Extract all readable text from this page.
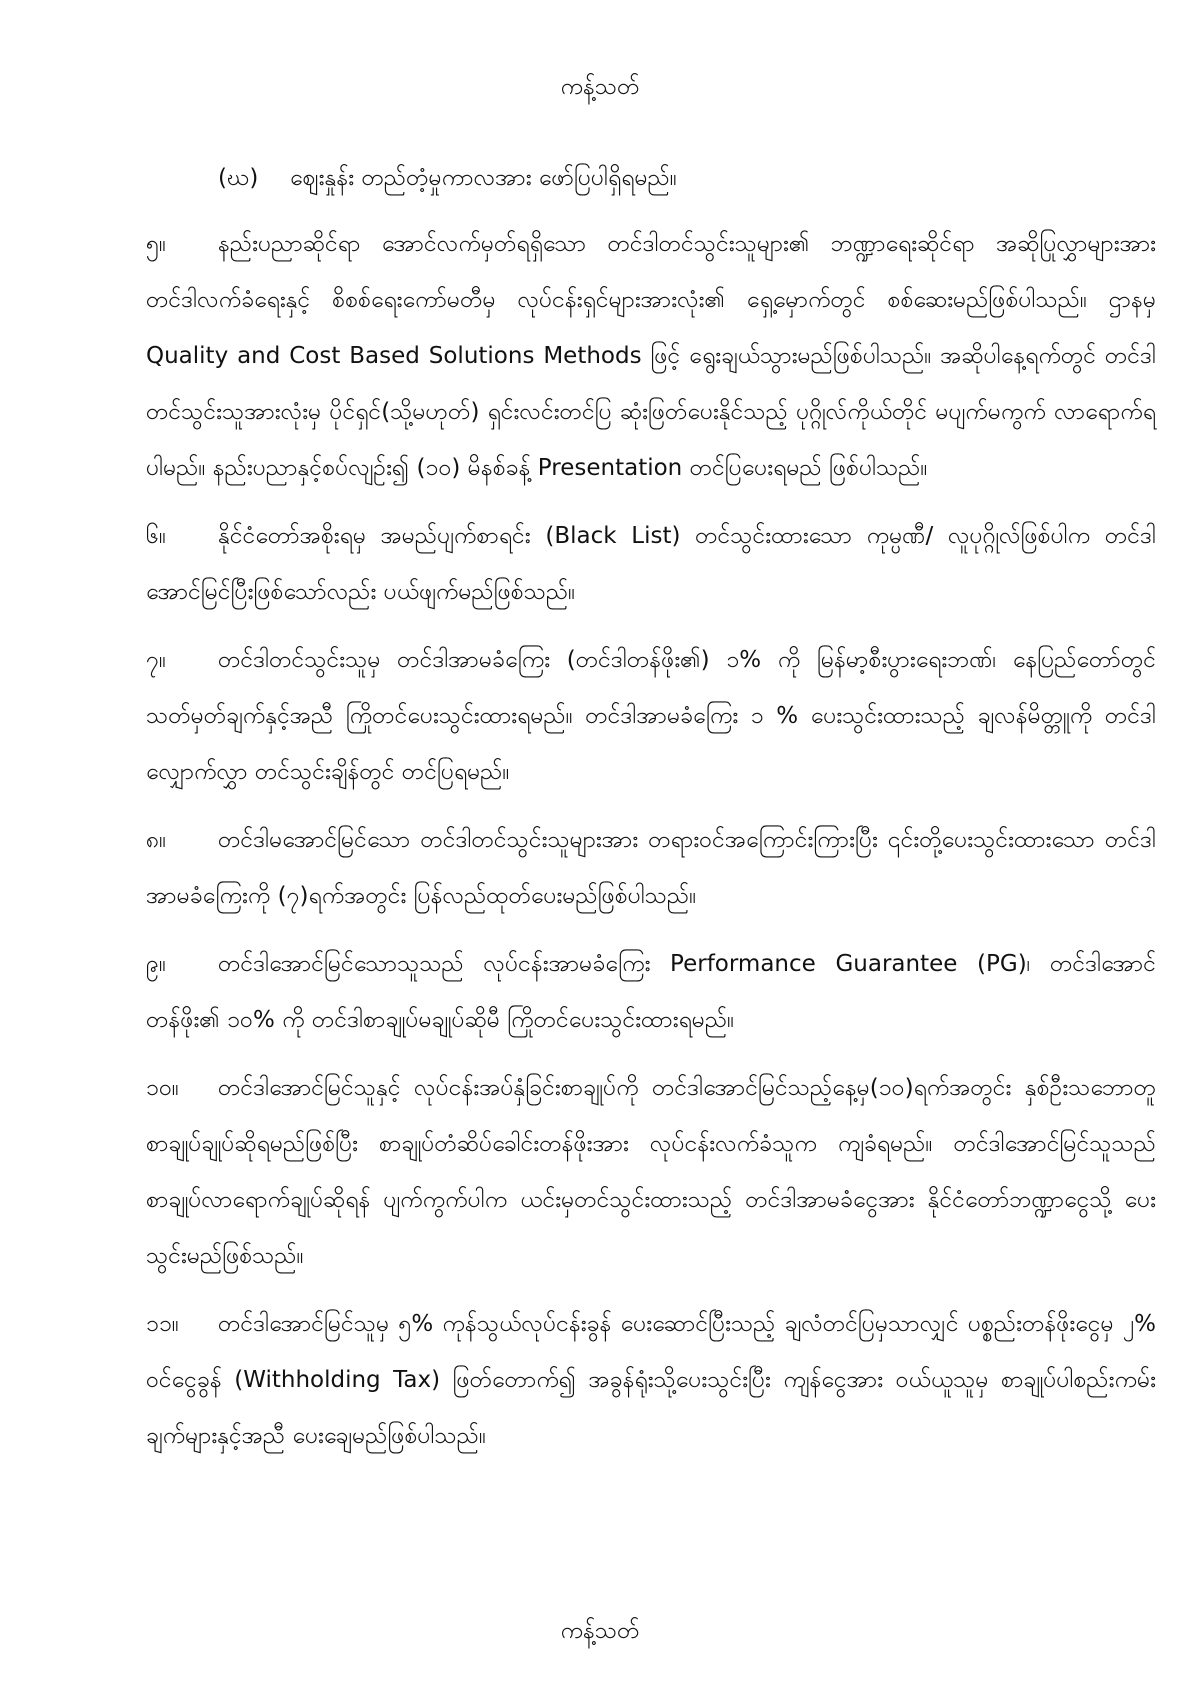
ကန့်သတ်

(ဃ) ဈေးနှုန်း တည်တံ့မှုကာလအား ဖော်ပြပါရှိရမည်။

၅။ နည်းပညာဆိုင်ရာ အောင်လက်မှတ်ရရှိသော တင်ဒါတင်သွင်းသူများ၏ ဘဏ္ဍာရေးဆိုင်ရာ အဆိုပြုလွှာများအား တင်ဒါလက်ခံရေးနှင့် စိစစ်ရေးကော်မတီမှ လုပ်ငန်းရှင်များအားလုံး၏ ရှေ့မှောက်တွင် စစ်ဆေးမည်ဖြစ်ပါသည်။ ဌာနမှ Quality and Cost Based Solutions Methods ဖြင့် ရွေးချယ်သွားမည်ဖြစ်ပါသည်။ အဆိုပါနေ့ရက်တွင် တင်ဒါတင်သွင်းသူအားလုံးမှ ပိုင်ရှင်(သို့မဟုတ်) ရှင်းလင်းတင်ပြ ဆုံးဖြတ်ပေးနိုင်သည့် ပုဂ္ဂိုလ်ကိုယ်တိုင် မပျက်မကွက် လာရောက်ရပါမည်။ နည်းပညာနှင့်စပ်လျဉ်း၍ (၁၀) မိနစ်ခန့် Presentation တင်ပြပေးရမည် ဖြစ်ပါသည်။

၆။ နိုင်ငံတော်အစိုးရမှ အမည်ပျက်စာရင်း (Black List) တင်သွင်းထားသော ကုမ္ပဏီ/ လူပုဂ္ဂိုလ်ဖြစ်ပါက တင်ဒါအောင်မြင်ပြီးဖြစ်သော်လည်း ပယ်ဖျက်မည်ဖြစ်သည်။

၇။ တင်ဒါတင်သွင်းသူမှ တင်ဒါအာမခံကြေး (တင်ဒါတန်ဖိုး၏) ၁% ကို မြန်မာ့စီးပွားရေးဘဏ်၊ နေပြည်တော်တွင်သတ်မှတ်ချက်နှင့်အညီ ကြိုတင်ပေးသွင်းထားရမည်။ တင်ဒါအာမခံကြေး ၁ % ပေးသွင်းထားသည့် ချလန်မိတ္တူကို တင်ဒါလျှောက်လွှာ တင်သွင်းချိန်တွင် တင်ပြရမည်။

၈။ တင်ဒါမအောင်မြင်သော တင်ဒါတင်သွင်းသူများအား တရားဝင်အကြောင်းကြားပြီး ၎င်းတို့ပေးသွင်းထားသော တင်ဒါအာမခံကြေးကို (၇)ရက်အတွင်း ပြန်လည်ထုတ်ပေးမည်ဖြစ်ပါသည်။

၉။ တင်ဒါအောင်မြင်သောသူသည် လုပ်ငန်းအာမခံကြေး Performance Guarantee (PG)၊ တင်ဒါအောင်တန်ဖိုး၏ ၁၀% ကို တင်ဒါစာချုပ်မချုပ်ဆိုမီ ကြိုတင်ပေးသွင်းထားရမည်။

၁၀။ တင်ဒါအောင်မြင်သူနှင့် လုပ်ငန်းအပ်နှံခြင်းစာချုပ်ကို တင်ဒါအောင်မြင်သည့်နေ့မှ(၁၀)ရက်အတွင်း နှစ်ဦးသဘောတူစာချုပ်ချုပ်ဆိုရမည်ဖြစ်ပြီး စာချုပ်တံဆိပ်ခေါင်းတန်ဖိုးအား လုပ်ငန်းလက်ခံသူက ကျခံရမည်။ တင်ဒါအောင်မြင်သူသည် စာချုပ်လာရောက်ချုပ်ဆိုရန် ပျက်ကွက်ပါက ယင်းမှတင်သွင်းထားသည့် တင်ဒါအာမခံငွေအား နိုင်ငံတော်ဘဏ္ဍာငွေသို့ ပေးသွင်းမည်ဖြစ်သည်။

၁၁။ တင်ဒါအောင်မြင်သူမှ ၅% ကုန်သွယ်လုပ်ငန်းခွန် ပေးဆောင်ပြီးသည့် ချလံတင်ပြမှသာလျှင် ပစ္စည်းတန်ဖိုးငွေမှ ၂% ဝင်ငွေခွန် (Withholding Tax) ဖြတ်တောက်၍ အခွန်ရုံးသို့ပေးသွင်းပြီး ကျန်ငွေအား ဝယ်ယူသူမှ စာချုပ်ပါစည်းကမ်းချက်များနှင့်အညီ ပေးချေမည်ဖြစ်ပါသည်။

ကန့်သတ်
